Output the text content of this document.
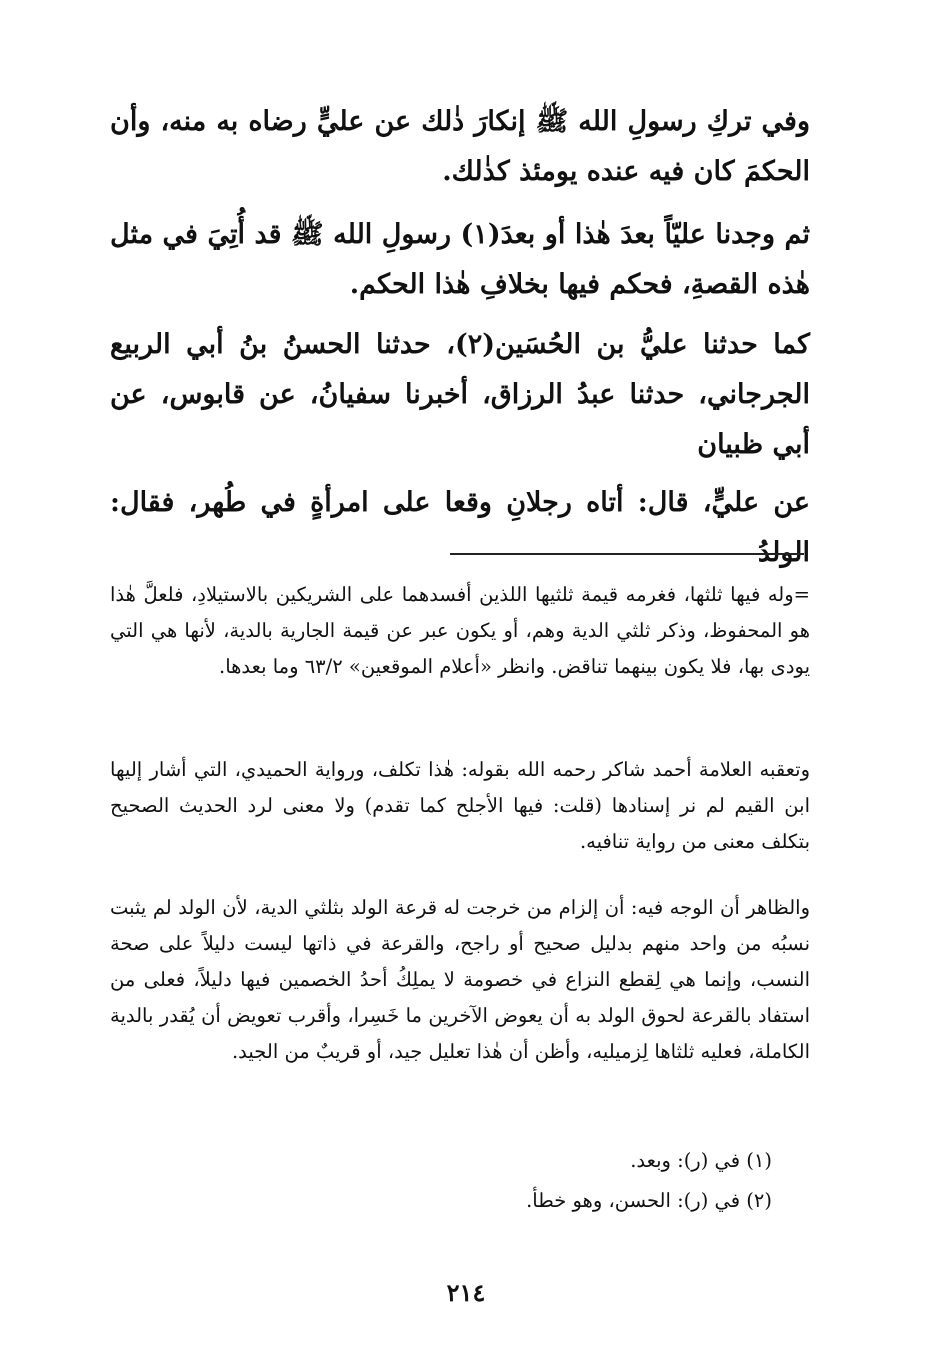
وفي تركِ رسولِ الله ﷺ إنكارَ ذٰلك عن عليٍّ رضاه به منه، وأن الحكمَ كان فيه عنده يومئذ كذٰلك.

ثم وجدنا عليّاً بعدَ هٰذا أو بعدَ(١) رسولِ الله ﷺ قد أُتِيَ في مثل هٰذه القصةِ، فحكم فيها بخلافِ هٰذا الحكم.

كما حدثنا عليُّ بن الحُسَين(٢)، حدثنا الحسنُ بنُ أبي الربيع الجرجاني، حدثنا عبدُ الرزاق، أخبرنا سفيانُ، عن قابوس، عن أبي ظبيان

عن عليٍّ، قال: أتاه رجلانِ وقعا على امرأةٍ في طُهر، فقال: الولدُ

=وله فيها ثلثها، فغرمه قيمة ثلثيها اللذين أفسدهما على الشريكين بالاستيلادِ، فلعلَّ هٰذا هو المحفوظ، وذكر ثلثي الدية وهم، أو يكون عبر عن قيمة الجارية بالدية، لأنها هي التي يودى بها، فلا يكون بينهما تناقض. وانظر «أعلام الموقعين» ٦٣/٢ وما بعدها.

وتعقبه العلامة أحمد شاكر رحمه الله بقوله: هٰذا تكلف، ورواية الحميدي، التي أشار إليها ابن القيم لم نر إسنادها (قلت: فيها الأجلح كما تقدم) ولا معنى لرد الحديث الصحيح بتكلف معنى من رواية تنافيه.

والظاهر أن الوجه فيه: أن إلزام من خرجت له قرعة الولد بثلثي الدية، لأن الولد لم يثبت نسبُه من واحد منهم بدليل صحيح أو راجح، والقرعة في ذاتها ليست دليلاً على صحة النسب، وإنما هي لِقطع النزاع في خصومة لا يملِكُ أحدُ الخصمين فيها دليلاً، فعلى من استفاد بالقرعة لحوق الولد به أن يعوض الآخرين ما خَسِرا، وأقرب تعويض أن يُقدر بالدية الكاملة، فعليه ثلثاها لِزميليه، وأظن أن هٰذا تعليل جيد، أو قريبٌ من الجيد.

(١) في (ر): وبعد.

(٢) في (ر): الحسن، وهو خطأ.

٢١٤
